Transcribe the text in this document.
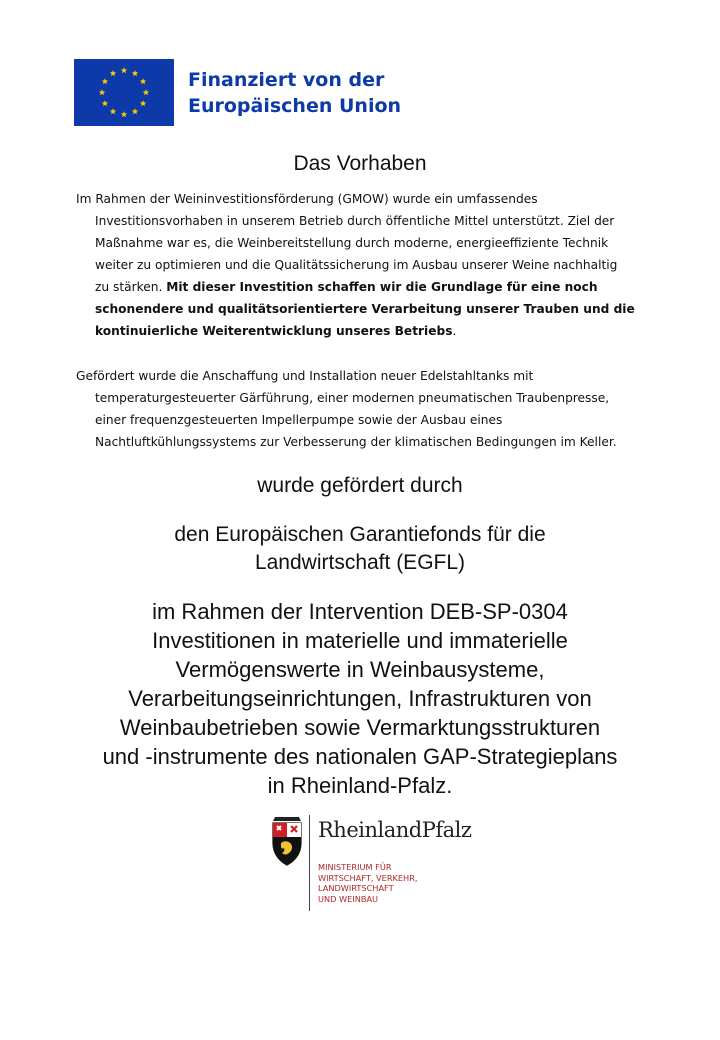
Finanziert von der
Europäischen Union
Das Vorhaben
Im Rahmen der Weininvestitionsförderung (GMOW) wurde ein umfassendes
Investitionsvorhaben in unserem Betrieb durch öffentliche Mittel unterstützt. Ziel der
Maßnahme war es, die Weinbereitstellung durch moderne, energieeffiziente Technik
weiter zu optimieren und die Qualitätssicherung im Ausbau unserer Weine nachhaltig
zu stärken. Mit dieser Investition schaffen wir die Grundlage für eine noch
schonendere und qualitätsorientiertere Verarbeitung unserer Trauben und die
kontinuierliche Weiterentwicklung unseres Betriebs.
Gefördert wurde die Anschaffung und Installation neuer Edelstahltanks mit
temperaturgesteuerter Gärführung, einer modernen pneumatischen Traubenpresse,
einer frequenzgesteuerten Impellerpumpe sowie der Ausbau eines
Nachtluftkühlungssystems zur Verbesserung der klimatischen Bedingungen im Keller.
wurde gefördert durch
den Europäischen Garantiefonds für die
Landwirtschaft (EGFL)
im Rahmen der Intervention DEB-SP-0304
Investitionen in materielle und immaterielle
Vermögenswerte in Weinbausysteme,
Verarbeitungseinrichtungen, Infrastrukturen von
Weinbaubetrieben sowie Vermarktungsstrukturen
und -instrumente des nationalen GAP-Strategieplans
in Rheinland-Pfalz.
RheinlandPfalz
MINISTERIUM FÜR
WIRTSCHAFT, VERKEHR,
LANDWIRTSCHAFT
UND WEINBAU
